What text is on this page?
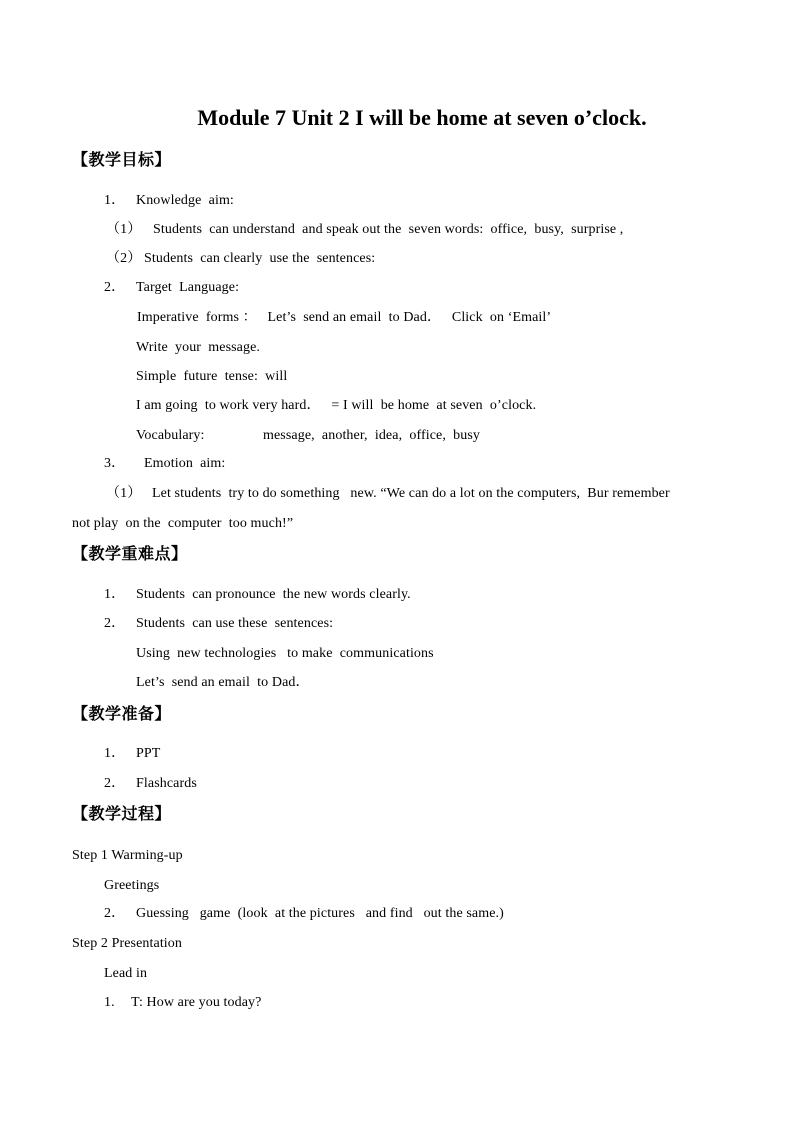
Module 7 Unit 2 I will be home at seven o’clock.
【教学目标】
1． Knowledge  aim:
（1） Students  can understand  and speak out the  seven words:  office,  busy,  surprise ,
（2） Students  can clearly  use the  sentences:
2． Target  Language:
Imperative  forms ：   Let’s  send an email  to Dad．   Click  on ‘Email’
Write  your  message.
Simple  future  tense:  will
I am going  to work very hard．   = I will  be home  at seven  o’clock.
Vocabulary:	message,  another,  idea,  office,  busy
3． Emotion  aim:
（1） Let students  try to do something   new. “We can do a lot on the computers,  Bur remember
not play  on the  computer  too much!”
【教学重难点】
1． Students  can pronounce  the new words clearly.
2． Students  can use these  sentences:
Using  new technologies   to make  communications
Let’s  send an email  to Dad．
【教学准备】
1． PPT
2． Flashcards
【教学过程】
Step 1 Warming-up
Greetings
2． Guessing   game  (look  at the pictures   and find   out the same.)
Step 2 Presentation
Lead in
1. T: How are you today?
